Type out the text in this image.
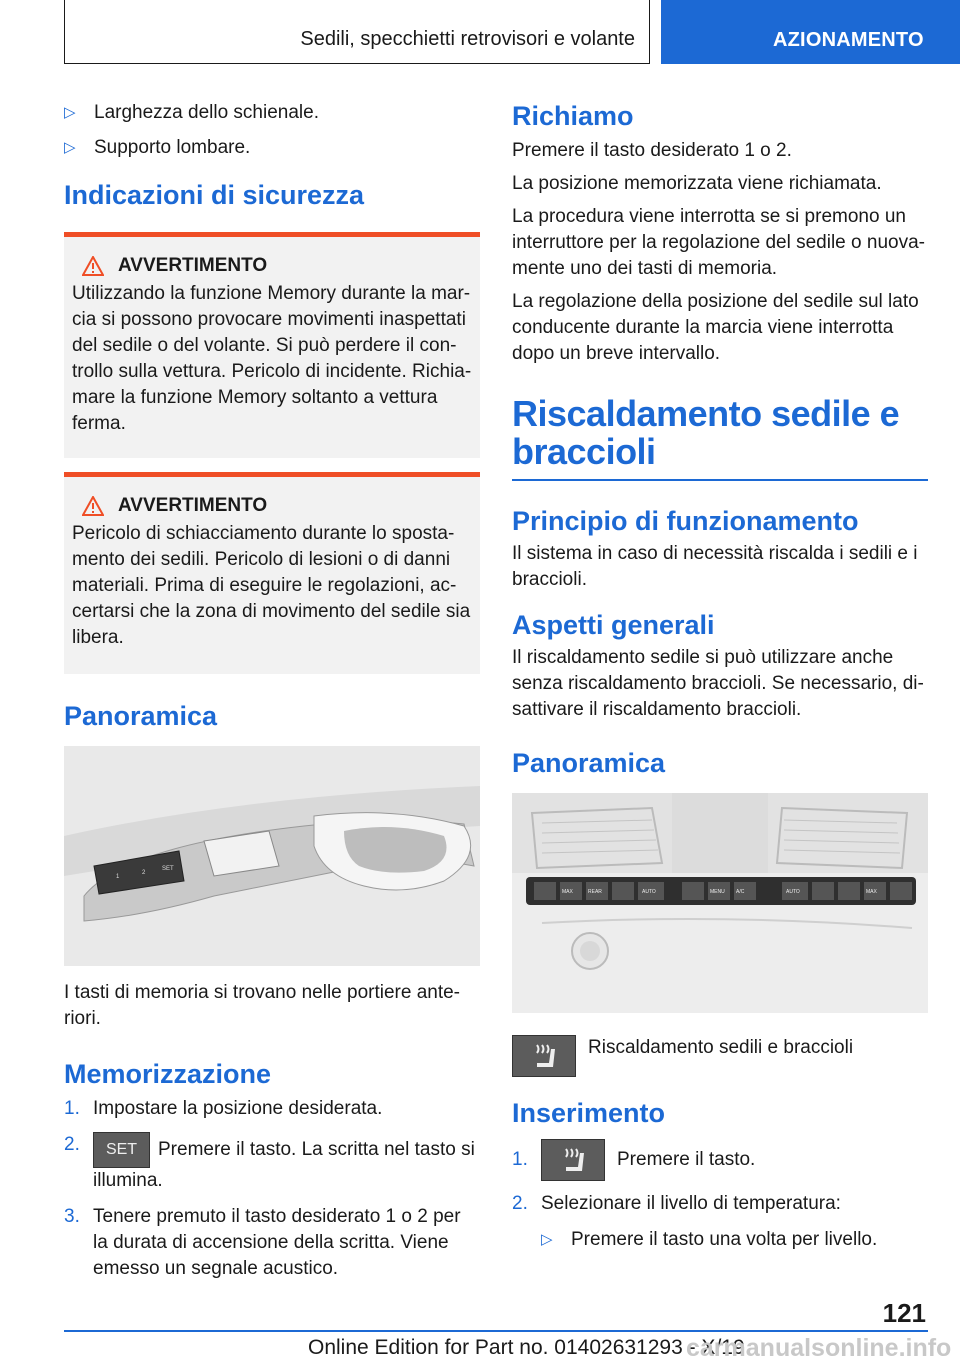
Sedili, specchietti retrovisori e volante	AZIONAMENTO
▷ Larghezza dello schienale.
▷ Supporto lombare.
Indicazioni di sicurezza
AVVERTIMENTO

Utilizzando la funzione Memory durante la mar-cia si possono provocare movimenti inaspettati del sedile o del volante. Si può perdere il con-trollo sulla vettura. Pericolo di incidente. Richia-mare la funzione Memory soltanto a vettura ferma.

AVVERTIMENTO

Pericolo di schiacciamento durante lo sposta-mento dei sedili. Pericolo di lesioni o di danni materiali. Prima di eseguire le regolazioni, ac-certarsi che la zona di movimento del sedile sia libera.

Panoramica
1
2
SET

I tasti di memoria si trovano nelle portiere ante-riori.

Memorizzazione
1. Impostare la posizione desiderata.
2.	SET Premere il tasto. La scritta nel tasto si illumina.
3. Tenere premuto il tasto desiderato 1 o 2 per la durata di accensione della scritta. Viene emesso un segnale acustico.
Richiamo

Premere il tasto desiderato 1 o 2.

La posizione memorizzata viene richiamata.

La procedura viene interrotta se si premono un interruttore per la regolazione del sedile o nuova-mente uno dei tasti di memoria.

La regolazione della posizione del sedile sul lato conducente durante la marcia viene interrotta dopo un breve intervallo.

Riscaldamento sedile e braccioli
Principio di funzionamento

Il sistema in caso di necessità riscalda i sedili e i braccioli.

Aspetti generali

Il riscaldamento sedile si può utilizzare anche senza riscaldamento braccioli. Se necessario, di-sattivare il riscaldamento braccioli.

Panoramica
MAX	REAR	AUTO	MENU A/C	AUTO	MAX

Riscaldamento sedili e braccioli

Inserimento
1.	Premere il tasto.
2. Selezionare il livello di temperatura:
▷ Premere il tasto una volta per livello.
121
Online Edition for Part no. 01402631293 - X/19
carmanualsonline.info
